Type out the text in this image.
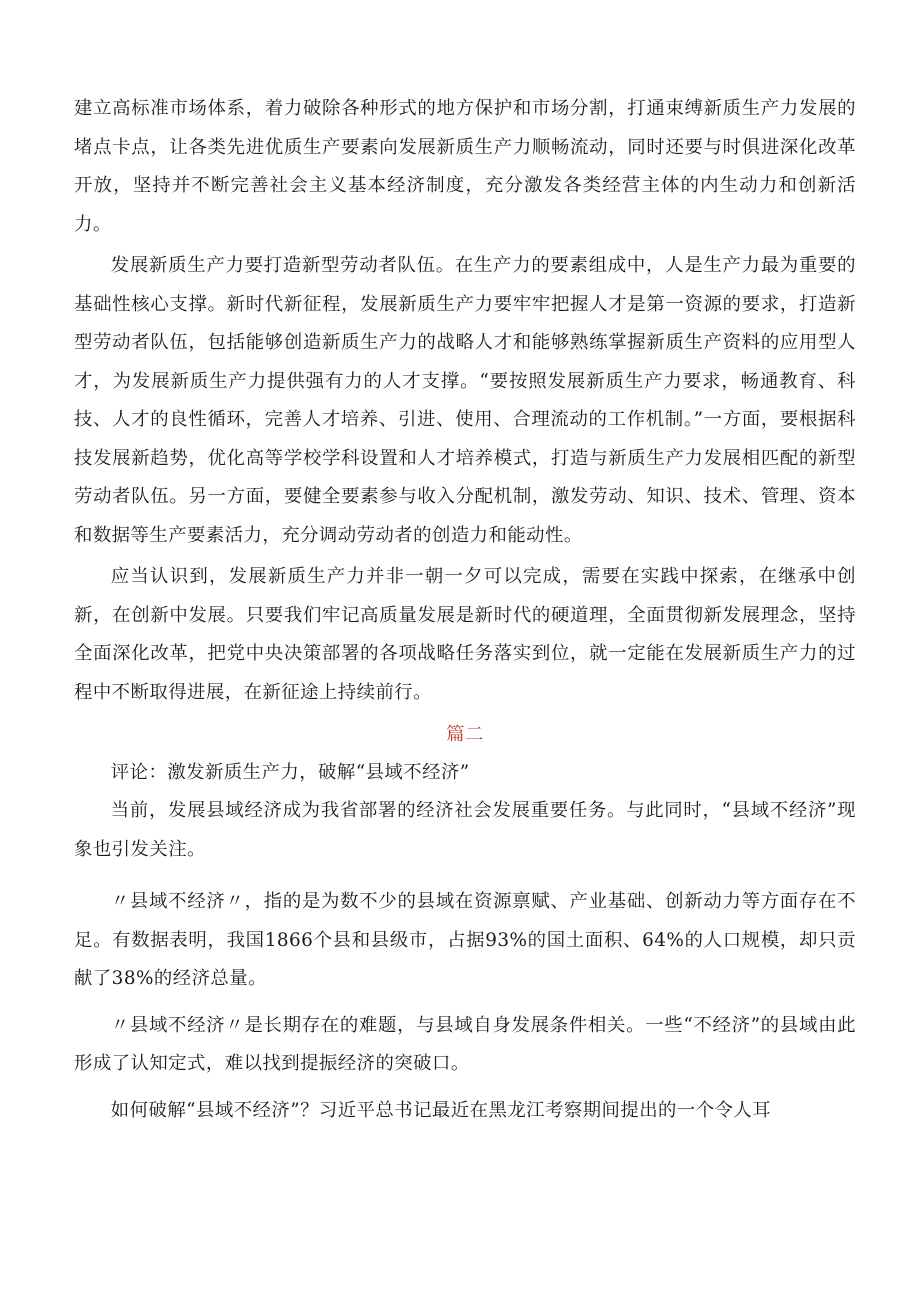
建立高标准市场体系，着力破除各种形式的地方保护和市场分割，打通束缚新质生产力发展的堵点卡点，让各类先进优质生产要素向发展新质生产力顺畅流动，同时还要与时俱进深化改革开放，坚持并不断完善社会主义基本经济制度，充分激发各类经营主体的内生动力和创新活力。

发展新质生产力要打造新型劳动者队伍。在生产力的要素组成中，人是生产力最为重要的基础性核心支撑。新时代新征程，发展新质生产力要牢牢把握人才是第一资源的要求，打造新型劳动者队伍，包括能够创造新质生产力的战略人才和能够熟练掌握新质生产资料的应用型人才，为发展新质生产力提供强有力的人才支撑。“要按照发展新质生产力要求，畅通教育、科技、人才的良性循环，完善人才培养、引进、使用、合理流动的工作机制。”一方面，要根据科技发展新趋势，优化高等学校学科设置和人才培养模式，打造与新质生产力发展相匹配的新型劳动者队伍。另一方面，要健全要素参与收入分配机制，激发劳动、知识、技术、管理、资本和数据等生产要素活力，充分调动劳动者的创造力和能动性。

应当认识到，发展新质生产力并非一朝一夕可以完成，需要在实践中探索，在继承中创新，在创新中发展。只要我们牢记高质量发展是新时代的硬道理，全面贯彻新发展理念，坚持全面深化改革，把党中央决策部署的各项战略任务落实到位，就一定能在发展新质生产力的过程中不断取得进展，在新征途上持续前行。

篇二

评论：激发新质生产力，破解“县域不经济”

当前，发展县域经济成为我省部署的经济社会发展重要任务。与此同时，“县域不经济”现象也引发关注。

〃县域不经济〃，指的是为数不少的县域在资源禀赋、产业基础、创新动力等方面存在不足。有数据表明，我国1866个县和县级市，占据93%的国土面积、64%的人口规模，却只贡献了38%的经济总量。

〃县域不经济〃是长期存在的难题，与县域自身发展条件相关。一些“不经济”的县域由此形成了认知定式，难以找到提振经济的突破口。

如何破解“县域不经济”？习近平总书记最近在黑龙江考察期间提出的一个令人耳
